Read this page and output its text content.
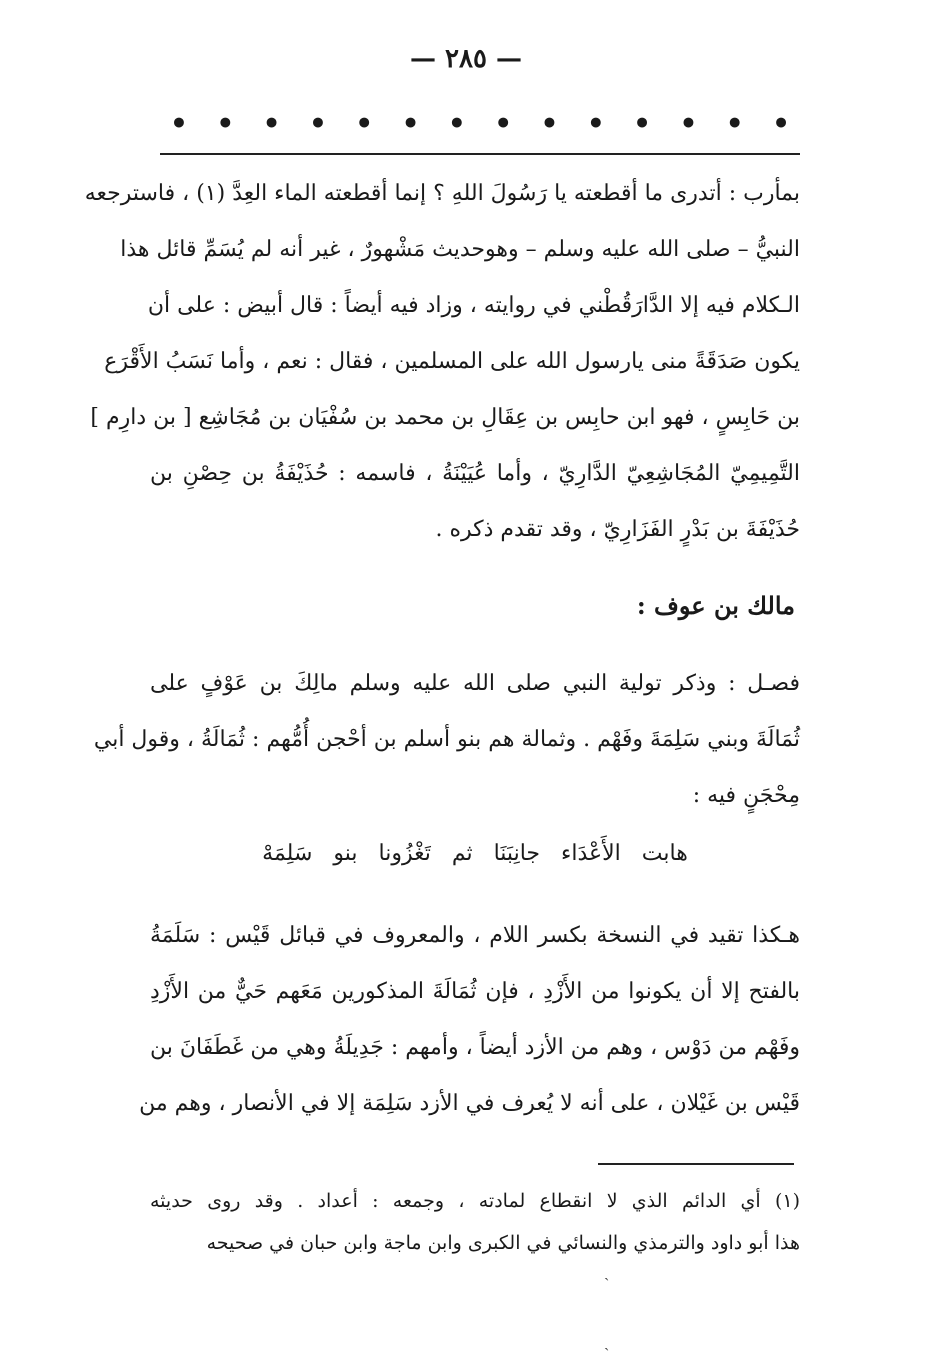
— ٢٨٥ —
• • • • • • • • • • • • • •
بمأرب : أتدرى ما أقطعته يا رَسُولَ اللهِ ؟ إنما أقطعته الماء العِدَّ (١) ، فاسترجعه
النبيُّ – صلى الله عليه وسلم – وهوحديث مَشْهورٌ ، غير أنه لم يُسَمِّ قائل هذا
الـكلام فيه إلا الدَّارَقُطْني في روايته ، وزاد فيه أيضاً : قال أبيض : على أن
يكون صَدَقَةً منى يارسول الله على المسلمين ، فقال : نعم ، وأما نَسَبُ الأَقْرَع
بن حَابِسٍ ، فهو ابن حابِس بن عِقَالِ بن محمد بن سُفْيَان بن مُجَاشِع [ بن دارِم ]
التَّمِيمِيّ المُجَاشِعِيّ الدَّارِيّ ، وأما عُيَيْنَةُ ، فاسمه : حُذَيْفَةُ بن حِصْنِ بن
حُذَيْفَةَ بن بَدْرٍ الفَزَارِيّ ، وقد تقدم ذكره .
مالك بن عوف :
فصـل : وذكر تولية النبي صلى الله عليه وسلم مالِكَ بن عَوْفٍ على
ثُمَالَةَ وبني سَلِمَةَ وفَهْم . وثمالة هم بنو أسلم بن أحْجن أُمُّهم : ثُمَالَةُ ، وقول أبي
مِحْجَنٍ فيه :
هابت الأَعْدَاء جانِبَنَا ثم تَغْزُونا بنو سَلِمَهْ
هـكذا تقيد في النسخة بكسر اللام ، والمعروف في قبائل قَيْس : سَلَمَةُ
بالفتح إلا أن يكونوا من الأَزْدِ ، فإن ثُمَالَةَ المذكورين مَعَهم حَيٌّ من الأَزْدِ
وفَهْم من دَوْس ، وهم من الأزد أيضاً ، وأمهم : جَدِيلَةُ وهي من غَطَفَانَ بن
قَيْس بن غَيْلان ، على أنه لا يُعرف في الأزد سَلِمَة إلا في الأنصار ، وهم من
(١) أي الدائم الذي لا انقطاع لمادته ، وجمعه : أعداد . وقد روى حديثه
هذا أبو داود والترمذي والنسائي في الكبرى وابن ماجة وابن حبان في صحيحه
ˎ
ˎ
